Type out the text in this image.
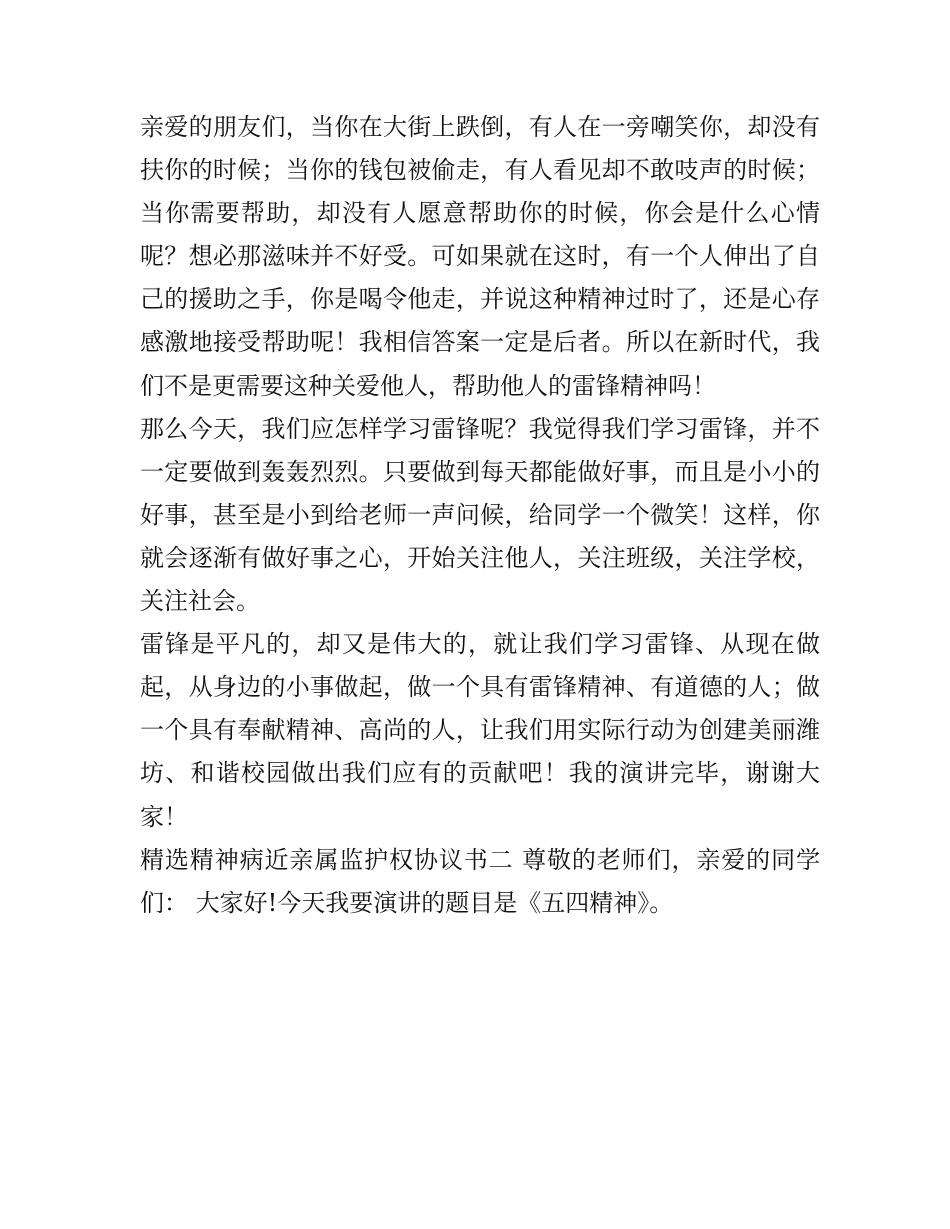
亲爱的朋友们，当你在大街上跌倒，有人在一旁嘲笑你，却没有扶你的时候；当你的钱包被偷走，有人看见却不敢吱声的时候；当你需要帮助，却没有人愿意帮助你的时候，你会是什么心情呢？想必那滋味并不好受。可如果就在这时，有一个人伸出了自己的援助之手，你是喝令他走，并说这种精神过时了，还是心存感激地接受帮助呢！我相信答案一定是后者。所以在新时代，我们不是更需要这种关爱他人，帮助他人的雷锋精神吗！

那么今天，我们应怎样学习雷锋呢？我觉得我们学习雷锋，并不一定要做到轰轰烈烈。只要做到每天都能做好事，而且是小小的好事，甚至是小到给老师一声问候，给同学一个微笑！这样，你就会逐渐有做好事之心，开始关注他人，关注班级，关注学校，关注社会。

雷锋是平凡的，却又是伟大的，就让我们学习雷锋、从现在做起，从身边的小事做起，做一个具有雷锋精神、有道德的人；做一个具有奉献精神、高尚的人，让我们用实际行动为创建美丽潍坊、和谐校园做出我们应有的贡献吧！我的演讲完毕，谢谢大家！

精选精神病近亲属监护权协议书二 尊敬的老师们，亲爱的同学们： 大家好!今天我要演讲的题目是《五四精神》。
